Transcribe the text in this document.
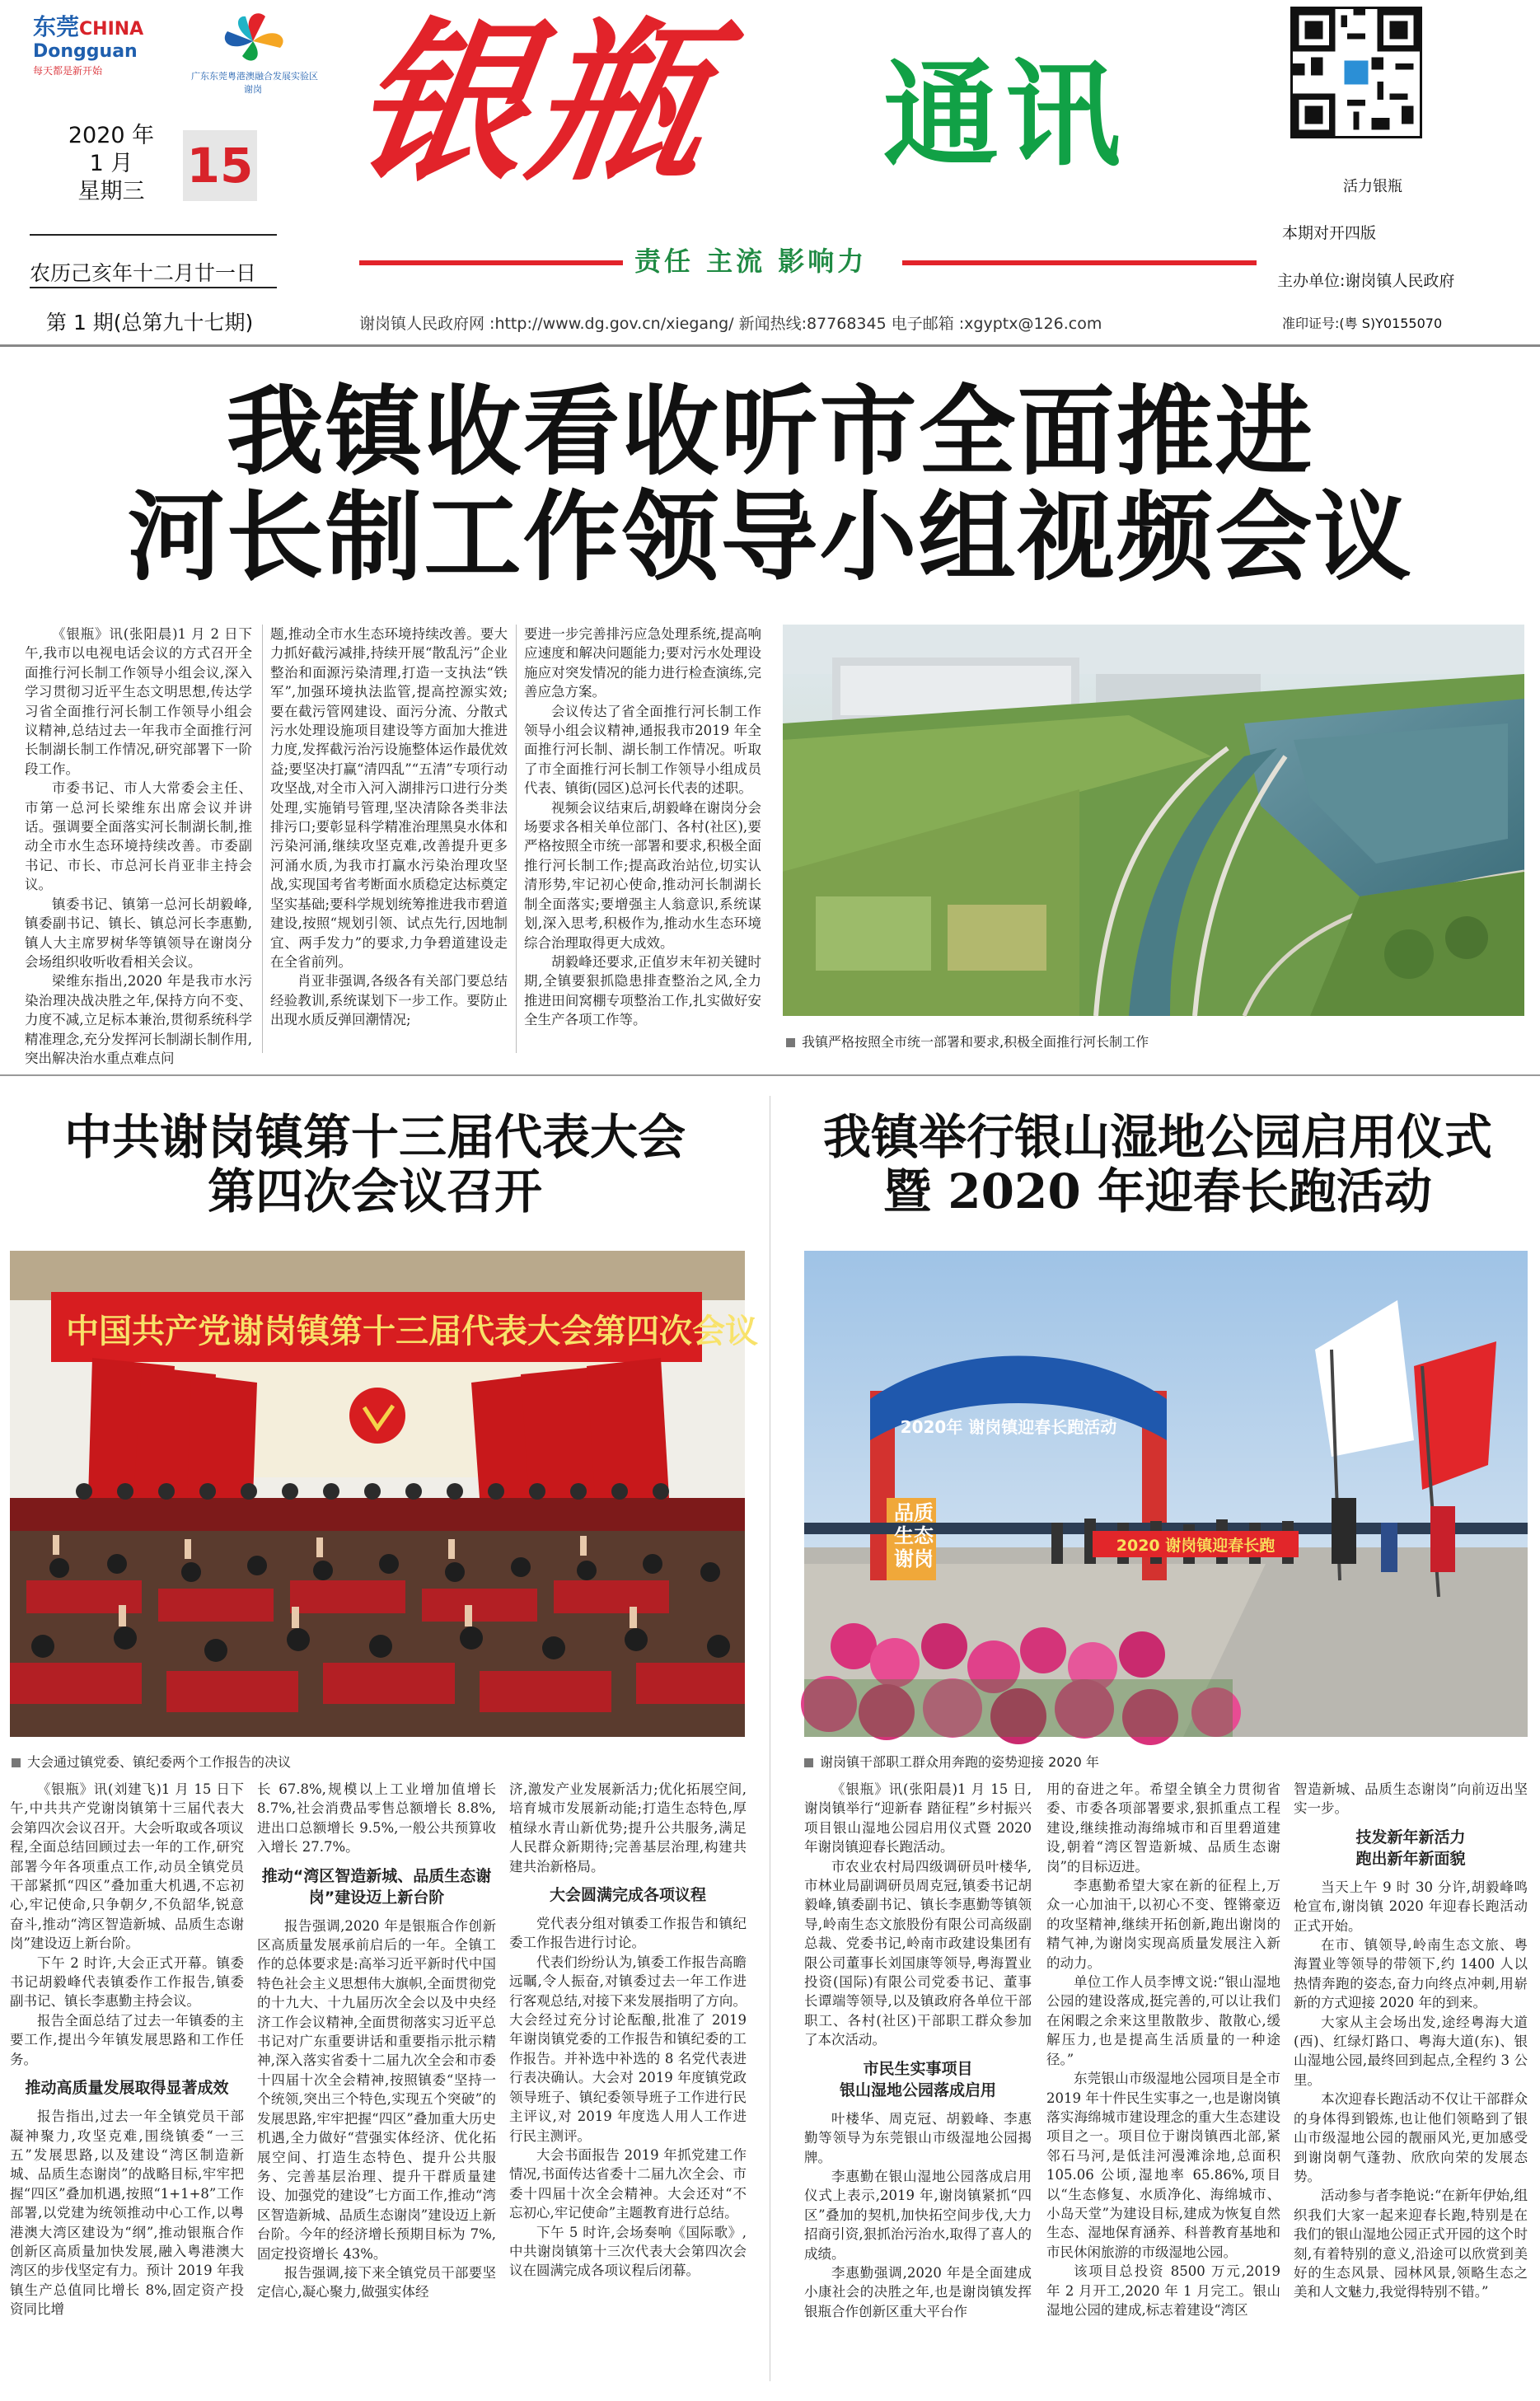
东莞CHINA
Dongguan
每天都是新开始	广东东莞粤港澳融合发展实验区
谢岗
2020 年
1 月
星期三 15
农历己亥年十二月廿一日
第 1 期(总第九十七期)
银瓶	通讯
责任 主流 影响力
谢岗镇人民政府网 :http://www.dg.gov.cn/xiegang/ 新闻热线:87768345 电子邮箱 :xgyptx@126.com
活力银瓶
本期对开四版
主办单位:谢岗镇人民政府
准印证号:(粤 S)Y0155070
我镇收看收听市全面推进
河长制工作领导小组视频会议

《银瓶》讯(张阳晨)1 月 2 日下午,我市以电视电话会议的方式召开全面推行河长制工作领导小组会议,深入学习贯彻习近平生态文明思想,传达学习省全面推行河长制工作领导小组会议精神,总结过去一年我市全面推行河长制湖长制工作情况,研究部署下一阶段工作。

市委书记、市人大常委会主任、市第一总河长梁维东出席会议并讲话。强调要全面落实河长制湖长制,推动全市水生态环境持续改善。市委副书记、市长、市总河长肖亚非主持会议。

镇委书记、镇第一总河长胡毅峰,镇委副书记、镇长、镇总河长李惠勤,镇人大主席罗树华等镇领导在谢岗分会场组织收听收看相关会议。

梁维东指出,2020 年是我市水污染治理决战决胜之年,保持方向不变、力度不减,立足标本兼治,贯彻系统科学精准理念,充分发挥河长制湖长制作用,突出解决治水重点难点问

题,推动全市水生态环境持续改善。要大力抓好截污减排,持续开展“散乱污”企业整治和面源污染清理,打造一支执法“铁军”,加强环境执法监管,提高控源实效;要在截污管网建设、面污分流、分散式污水处理设施项目建设等方面加大推进力度,发挥截污治污设施整体运作最优效益;要坚决打赢“清四乱”“五清”专项行动攻坚战,对全市入河入湖排污口进行分类处理,实施销号管理,坚决清除各类非法排污口;要彰显科学精准治理黑臭水体和污染河涌,继续攻坚克难,改善提升更多河涌水质,为我市打赢水污染治理攻坚战,实现国考省考断面水质稳定达标奠定坚实基础;要科学规划统筹推进我市碧道建设,按照“规划引领、试点先行,因地制宜、两手发力”的要求,力争碧道建设走在全省前列。

肖亚非强调,各级各有关部门要总结经验教训,系统谋划下一步工作。要防止出现水质反弹回潮情况;

要进一步完善排污应急处理系统,提高响应速度和解决问题能力;要对污水处理设施应对突发情况的能力进行检查演练,完善应急方案。

会议传达了省全面推行河长制工作领导小组会议精神,通报我市2019 年全面推行河长制、湖长制工作情况。听取了市全面推行河长制工作领导小组成员代表、镇街(园区)总河长代表的述职。

视频会议结束后,胡毅峰在谢岗分会场要求各相关单位部门、各村(社区),要严格按照全市统一部署和要求,积极全面推行河长制工作;提高政治站位,切实认清形势,牢记初心使命,推动河长制湖长制全面落实;要增强主人翁意识,系统谋划,深入思考,积极作为,推动水生态环境综合治理取得更大成效。

胡毅峰还要求,正值岁末年初关键时期,全镇要狠抓隐患排查整治之风,全力推进田间窝棚专项整治工作,扎实做好安全生产各项工作等。

我镇严格按照全市统一部署和要求,积极全面推行河长制工作
中共谢岗镇第十三届代表大会
第四次会议召开
中国共产党谢岗镇第十三届代表大会第四次会议
大会通过镇党委、镇纪委两个工作报告的决议

《银瓶》讯(刘建飞)1 月 15 日下午,中共共产党谢岗镇第十三届代表大会第四次会议召开。大会听取或各项议程,全面总结回顾过去一年的工作,研究部署今年各项重点工作,动员全镇党员干部紧抓“四区”叠加重大机遇,不忘初心,牢记使命,只争朝夕,不负韶华,锐意奋斗,推动“湾区智造新城、品质生态谢岗”建设迈上新台阶。

下午 2 时许,大会正式开幕。镇委书记胡毅峰代表镇委作工作报告,镇委副书记、镇长李惠勤主持会议。

报告全面总结了过去一年镇委的主要工作,提出今年镇发展思路和工作任务。

推动高质量发展取得显著成效

报告指出,过去一年全镇党员干部凝神聚力,攻坚克难,围绕镇委“一三五”发展思路,以及建设“湾区制造新城、品质生态谢岗”的战略目标,牢牢把握“四区”叠加机遇,按照“1+1+8”工作部署,以党建为统领推动中心工作,以粤港澳大湾区建设为“纲”,推动银瓶合作创新区高质量加快发展,融入粤港澳大湾区的步伐坚定有力。预计 2019 年我镇生产总值同比增长 8%,固定资产投资同比增

长 67.8%,规模以上工业增加值增长 8.7%,社会消费品零售总额增长 8.8%,进出口总额增长 9.5%,一般公共预算收入增长 27.7%。

推动“湾区智造新城、品质生态谢岗”建设迈上新台阶

报告强调,2020 年是银瓶合作创新区高质量发展承前启后的一年。全镇工作的总体要求是:高举习近平新时代中国特色社会主义思想伟大旗帜,全面贯彻党的十九大、十九届历次全会以及中央经济工作会议精神,全面贯彻落实习近平总书记对广东重要讲话和重要指示批示精神,深入落实省委十二届九次全会和市委十四届十次全会精神,按照镇委“坚持一个统领,突出三个特色,实现五个突破”的发展思路,牢牢把握“四区”叠加重大历史机遇,全力做好“营强实体经济、优化拓展空间、打造生态特色、提升公共服务、完善基层治理、提升干群质量建设、加强党的建设”七方面工作,推动“湾区智造新城、品质生态谢岗”建设迈上新台阶。今年的经济增长预期目标为 7%,固定投资增长 43%。

报告强调,接下来全镇党员干部要坚定信心,凝心聚力,做强实体经

济,激发产业发展新活力;优化拓展空间,培育城市发展新动能;打造生态特色,厚植绿水青山新优势;提升公共服务,满足人民群众新期待;完善基层治理,构建共建共治新格局。

大会圆满完成各项议程

党代表分组对镇委工作报告和镇纪委工作报告进行讨论。

代表们纷纷认为,镇委工作报告高瞻远瞩,令人振奋,对镇委过去一年工作进行客观总结,对接下来发展指明了方向。大会经过充分讨论酝酿,批准了 2019 年谢岗镇党委的工作报告和镇纪委的工作报告。并补选中补选的 8 名党代表进行表决确认。大会对 2019 年度镇党政领导班子、镇纪委领导班子工作进行民主评议,对 2019 年度选人用人工作进行民主测评。

大会书面报告 2019 年抓党建工作情况,书面传达省委十二届九次全会、市委十四届十次全会精神。大会还对“不忘初心,牢记使命”主题教育进行总结。

下午 5 时许,会场奏响《国际歌》,中共谢岗镇第十三次代表大会第四次会议在圆满完成各项议程后闭幕。

我镇举行银山湿地公园启用仪式
暨 2020 年迎春长跑活动
2020年 谢岗镇迎春长跑活动
品质生态谢岗
2020 谢岗镇迎春长跑
谢岗镇干部职工群众用奔跑的姿势迎接 2020 年

《银瓶》讯(张阳晨)1 月 15 日,谢岗镇举行“迎新春 踏征程”乡村振兴项目银山湿地公园启用仪式暨 2020 年谢岗镇迎春长跑活动。

市农业农村局四级调研员叶楼华,市林业局副调研员周克冠,镇委书记胡毅峰,镇委副书记、镇长李惠勤等镇领导,岭南生态文旅股份有限公司高级副总裁、党委书记,岭南市政建设集团有限公司董事长刘国康等领导,粤海置业投资(国际)有限公司党委书记、董事长谭端等领导,以及镇政府各单位干部职工、各村(社区)干部职工群众参加了本次活动。

市民生实事项目
银山湿地公园落成启用

叶楼华、周克冠、胡毅峰、李惠勤等领导为东莞银山市级湿地公园揭牌。

李惠勤在银山湿地公园落成启用仪式上表示,2019 年,谢岗镇紧抓“四区”叠加的契机,加快拓空间步伐,大力招商引资,狠抓治污治水,取得了喜人的成绩。

李惠勤强调,2020 年是全面建成小康社会的决胜之年,也是谢岗镇发挥银瓶合作创新区重大平台作

用的奋进之年。希望全镇全力贯彻省委、市委各项部署要求,狠抓重点工程建设,继续推动海绵城市和百里碧道建设,朝着“湾区智造新城、品质生态谢岗”的目标迈进。

李惠勤希望大家在新的征程上,万众一心加油干,以初心不变、铿锵豪迈的攻坚精神,继续开拓创新,跑出谢岗的精气神,为谢岗实现高质量发展注入新的动力。

单位工作人员李博文说:“银山湿地公园的建设落成,挺完善的,可以让我们在闲暇之余来这里散散步、散散心,缓解压力,也是提高生活质量的一种途径。”

东莞银山市级湿地公园项目是全市 2019 年十件民生实事之一,也是谢岗镇落实海绵城市建设理念的重大生态建设项目之一。项目位于谢岗镇西北部,紧邻石马河,是低洼河漫滩涂地,总面积 105.06 公顷,湿地率 65.86%,项目以“生态修复、水质净化、海绵城市、小岛天堂”为建设目标,建成为恢复自然生态、湿地保育涵养、科普教育基地和市民休闲旅游的市级湿地公园。

该项目总投资 8500 万元,2019 年 2 月开工,2020 年 1 月完工。银山湿地公园的建成,标志着建设“湾区

智造新城、品质生态谢岗”向前迈出坚实一步。

技发新年新活力
跑出新年新面貌

当天上午 9 时 30 分许,胡毅峰鸣枪宣布,谢岗镇 2020 年迎春长跑活动正式开始。

在市、镇领导,岭南生态文旅、粤海置业等领导的带领下,约 1400 人以热情奔跑的姿态,奋力向终点冲刺,用崭新的方式迎接 2020 年的到来。

大家从主会场出发,途经粤海大道(西)、红绿灯路口、粤海大道(东)、银山湿地公园,最终回到起点,全程约 3 公里。

本次迎春长跑活动不仅让干部群众的身体得到锻炼,也让他们领略到了银山市级湿地公园的靓丽风光,更加感受到谢岗朝气蓬勃、欣欣向荣的发展态势。

活动参与者李艳说:“在新年伊始,组织我们大家一起来迎春长跑,特别是在我们的银山湿地公园正式开园的这个时刻,有着特别的意义,沿途可以欣赏到美好的生态风景、园林风景,领略生态之美和人文魅力,我觉得特别不错。”
